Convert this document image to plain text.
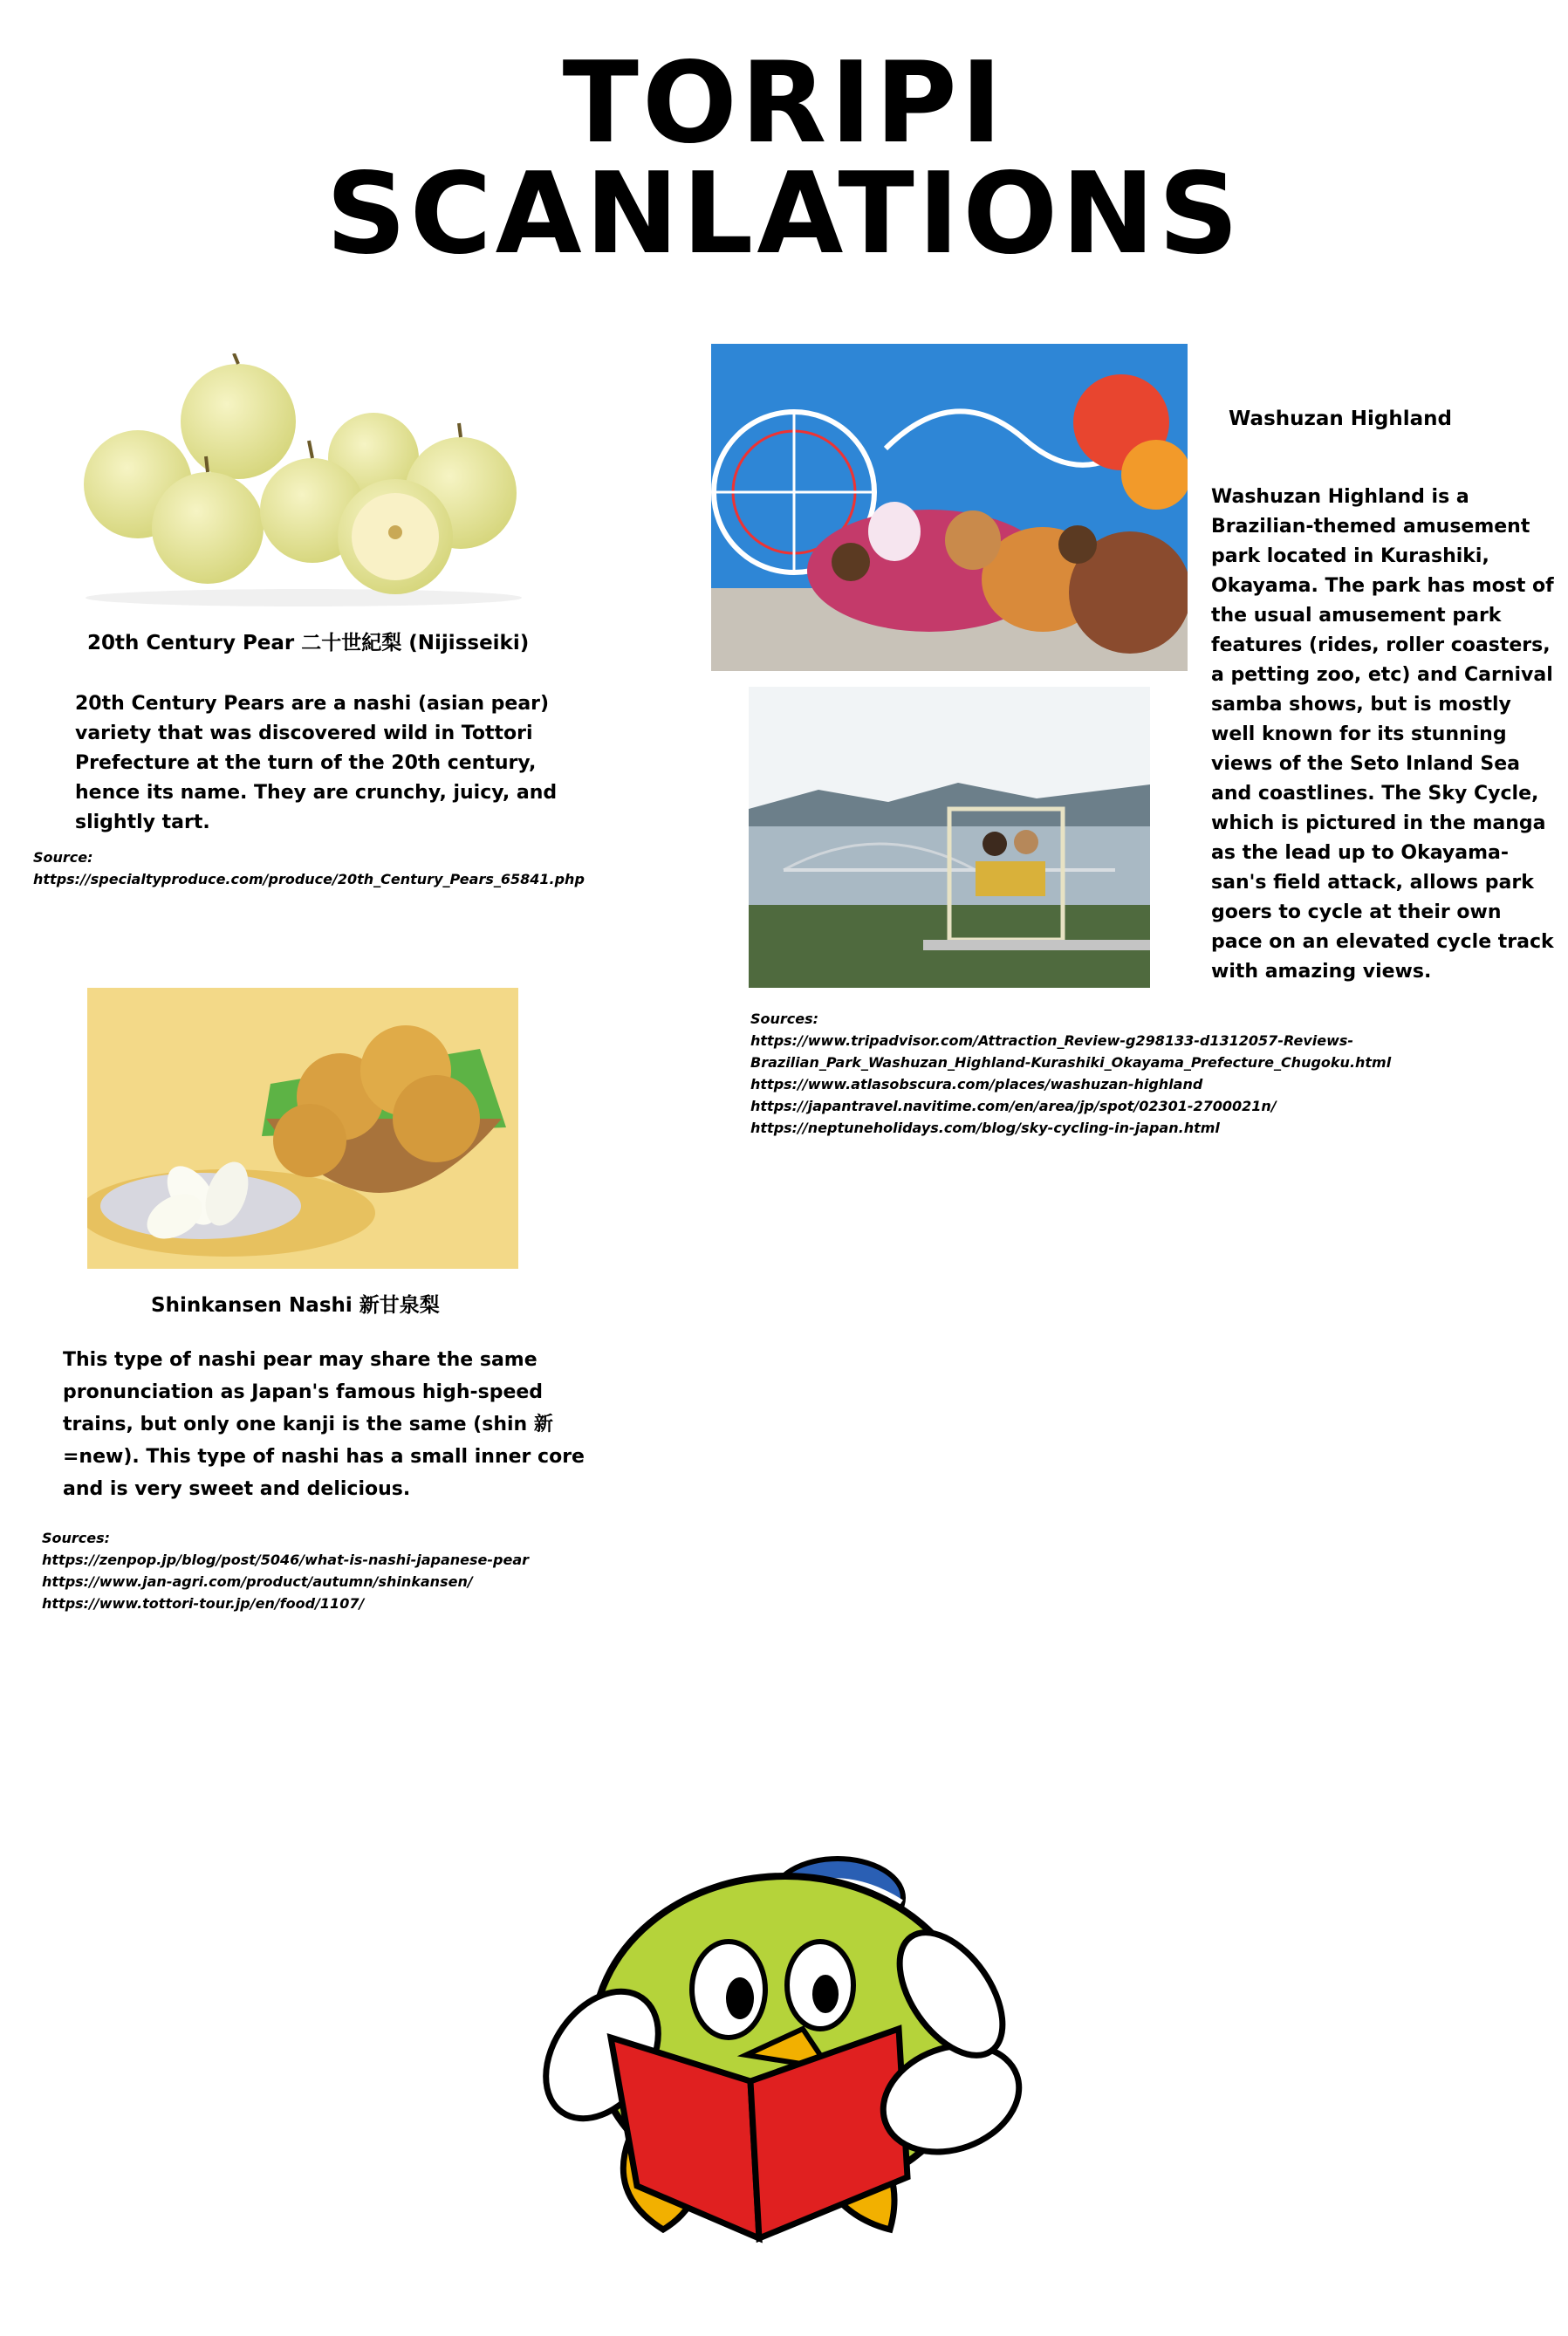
TORIPI
SCANLATIONS
20th Century Pear 二十世紀梨 (Nijisseiki)
20th Century Pears are a nashi (asian pear) variety that was discovered wild in Tottori Prefecture at the turn of the 20th century, hence its name. They are crunchy, juicy, and slightly tart.
Source:
https://specialtyproduce.com/produce/20th_Century_Pears_65841.php
Shinkansen Nashi 新甘泉梨
This type of nashi pear may share the same pronunciation as Japan's famous high-speed trains, but only one kanji is the same (shin 新=new). This type of nashi has a small inner core and is very sweet and delicious.
Sources:
https://zenpop.jp/blog/post/5046/what-is-nashi-japanese-pear
https://www.jan-agri.com/product/autumn/shinkansen/
https://www.tottori-tour.jp/en/food/1107/
Washuzan Highland
Washuzan Highland is a Brazilian-themed amusement park located in Kurashiki, Okayama. The park has most of the usual amusement park features (rides, roller coasters, a petting zoo, etc) and Carnival samba shows, but is mostly well known for its stunning views of the Seto Inland Sea and coastlines. The Sky Cycle, which is pictured in the manga as the lead up to Okayama-san's field attack, allows park goers to cycle at their own pace on an elevated cycle track with amazing views.
Sources:
https://www.tripadvisor.com/Attraction_Review-g298133-d1312057-Reviews-
Brazilian_Park_Washuzan_Highland-Kurashiki_Okayama_Prefecture_Chugoku.html
https://www.atlasobscura.com/places/washuzan-highland
https://japantravel.navitime.com/en/area/jp/spot/02301-2700021n/
https://neptuneholidays.com/blog/sky-cycling-in-japan.html
